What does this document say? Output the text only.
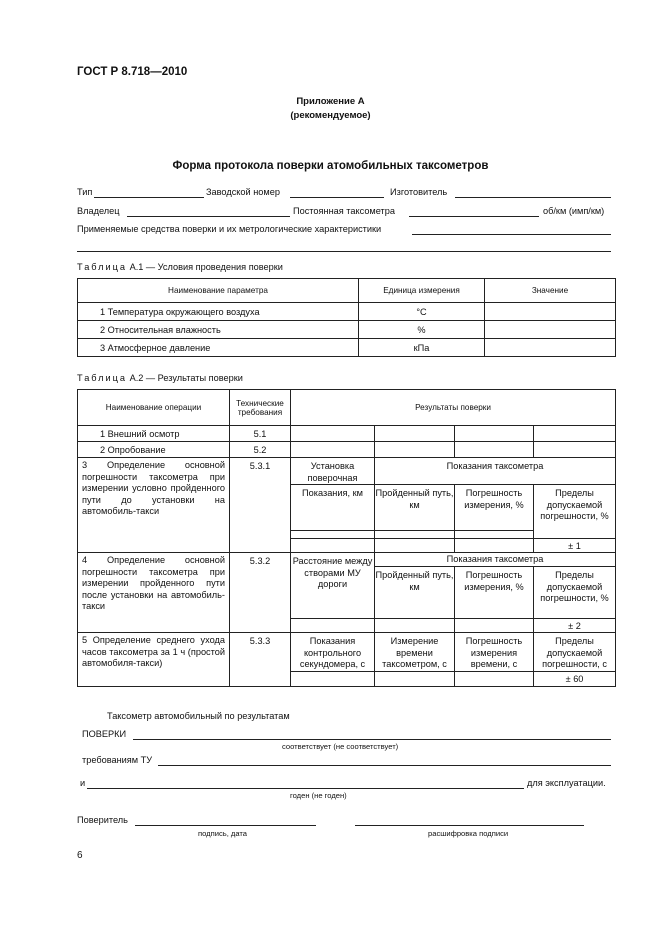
ГОСТ Р 8.718—2010
Приложение А
(рекомендуемое)
Форма протокола поверки атомобильных таксометров
Тип	Заводской номер	Изготовитель
Владелец	Постоянная таксометра	об/км (имп/км)
Применяемые средства поверки и их метрологические характеристики
Таблица А.1 — Условия проведения поверки
Наименование параметра	Единица измерения	Значение
1 Температура окружающего воздуха	°C	
2 Относительная влажность	%	
3 Атмосферное давление	кПа	
Таблица А.2 — Результаты поверки
Наименование операции	Технические требования	Результаты поверки			
1 Внешний осмотр	5.1				
2 Опробование	5.2				
3 Определение основной погрешности таксометра при измерении условно пройденного пути до установки на автомобиль-такси	5.3.1	Установка поверочная	Показания таксометра		
		Показания, км	Пройденный путь, км	Погрешность измерения, %	Пределы допускаемой погрешности, %

					± 1
4 Определение основной погрешности таксометра при измерении пройденного пути после установки на автомобиль-такси	5.3.2	Расстояние между створами МУ дороги	Показания таксометра		
			Пройденный путь, км	Погрешность измерения, %	Пределы допускаемой погрешности, %
					± 2
5 Определение среднего ухода часов таксометра за 1 ч (простой автомобиля-такси)	5.3.3	Показания контрольного секундомера, с	Измерение времени таксометром, с	Погрешность измерения времени, с	Пределы допускаемой погрешности, с
					± 60
Таксометр автомобильный по результатам
ПОВЕРКИ
соответствует (не соответствует)
требованиям ТУ
и	для эксплуатации.
годен (не годен)
Поверитель
подпись, дата	расшифровка подписи
6
